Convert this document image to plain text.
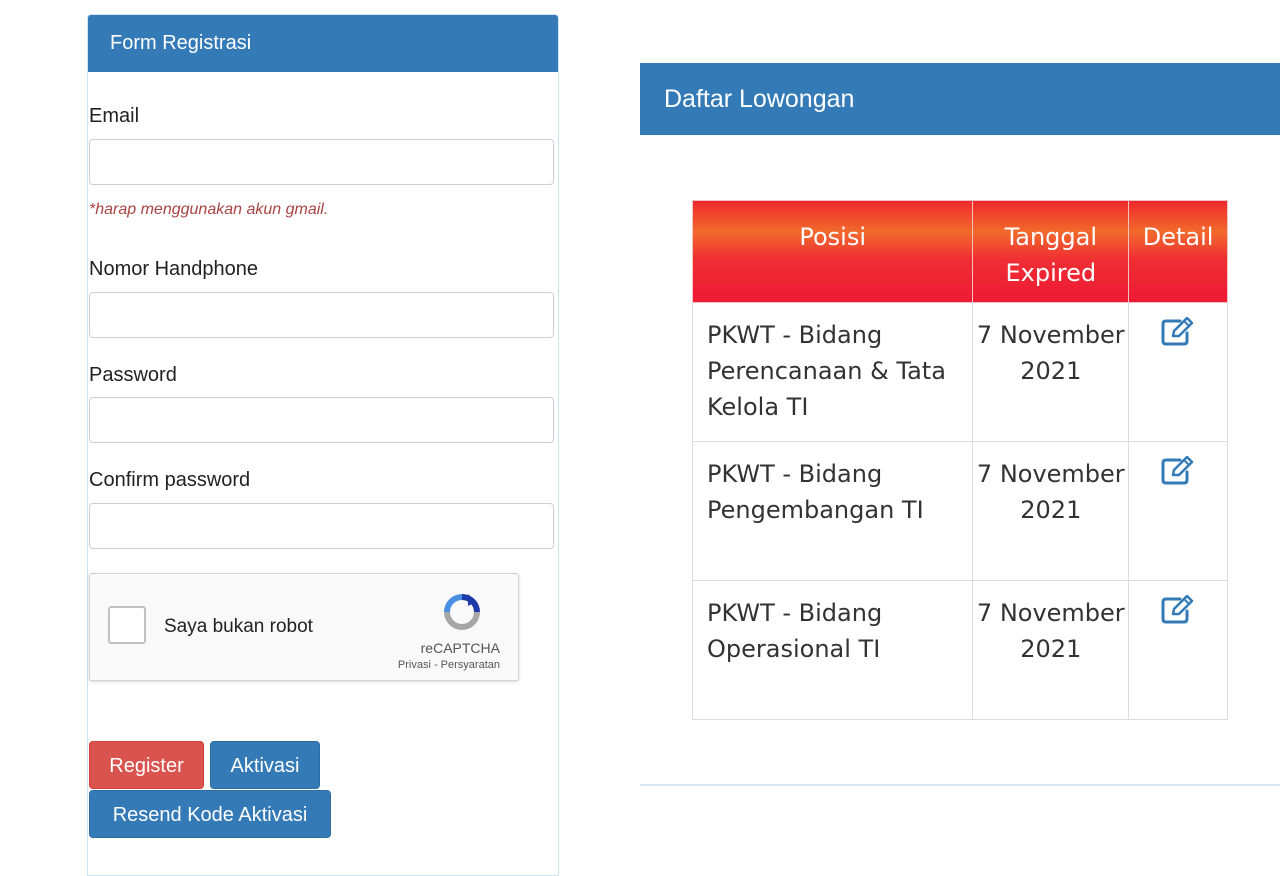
Form Registrasi
Email
*harap menggunakan akun gmail.
Nomor Handphone
Password
Confirm password
Saya bukan robot
reCAPTCHA
Privasi - Persyaratan
Register	Aktivasi
Resend Kode Aktivasi
Daftar Lowongan
Posisi	Tanggal Expired	Detail
PKWT - Bidang Perencanaan & Tata Kelola TI	7 November 2021	
PKWT - Bidang Pengembangan TI	7 November 2021	
PKWT - Bidang Operasional TI	7 November 2021	
